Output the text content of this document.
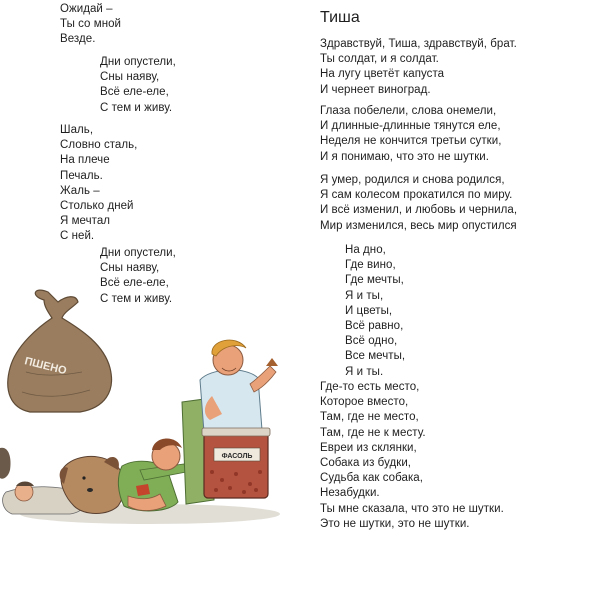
Ожидай –
Ты со мной
Везде.
Дни опустели,
Сны наяву,
Всё еле-еле,
С тем и живу.
Шаль,
Словно сталь,
На плече
Печаль.
Жаль –
Столько дней
Я мечтал
С ней.
Дни опустели,
Сны наяву,
Всё еле-еле,
С тем и живу.
Тиша
Здравствуй, Тиша, здравствуй, брат.
Ты солдат, и я солдат.
На лугу цветёт капуста
И чернеет виноград.
Глаза побелели, слова онемели,
И длинные-длинные тянутся еле,
Неделя не кончится третьи сутки,
И я понимаю, что это не шутки.
Я умер, родился и снова родился,
Я сам колесом прокатился по миру.
И всё изменил, и любовь и чернила,
Мир изменился, весь мир опустился
На дно,
Где вино,
Где мечты,
Я и ты,
И цветы,
Всё равно,
Всё одно,
Все мечты,
Я и ты.
Где-то есть место,
Которое вместо,
Там, где не место,
Там, где не к месту.
Евреи из склянки,
Собака из будки,
Судьба как собака,
Незабудки.
Ты мне сказала, что это не шутки.
Это не шутки, это не шутки.
ПШЕНО
ФАСОЛЬ
